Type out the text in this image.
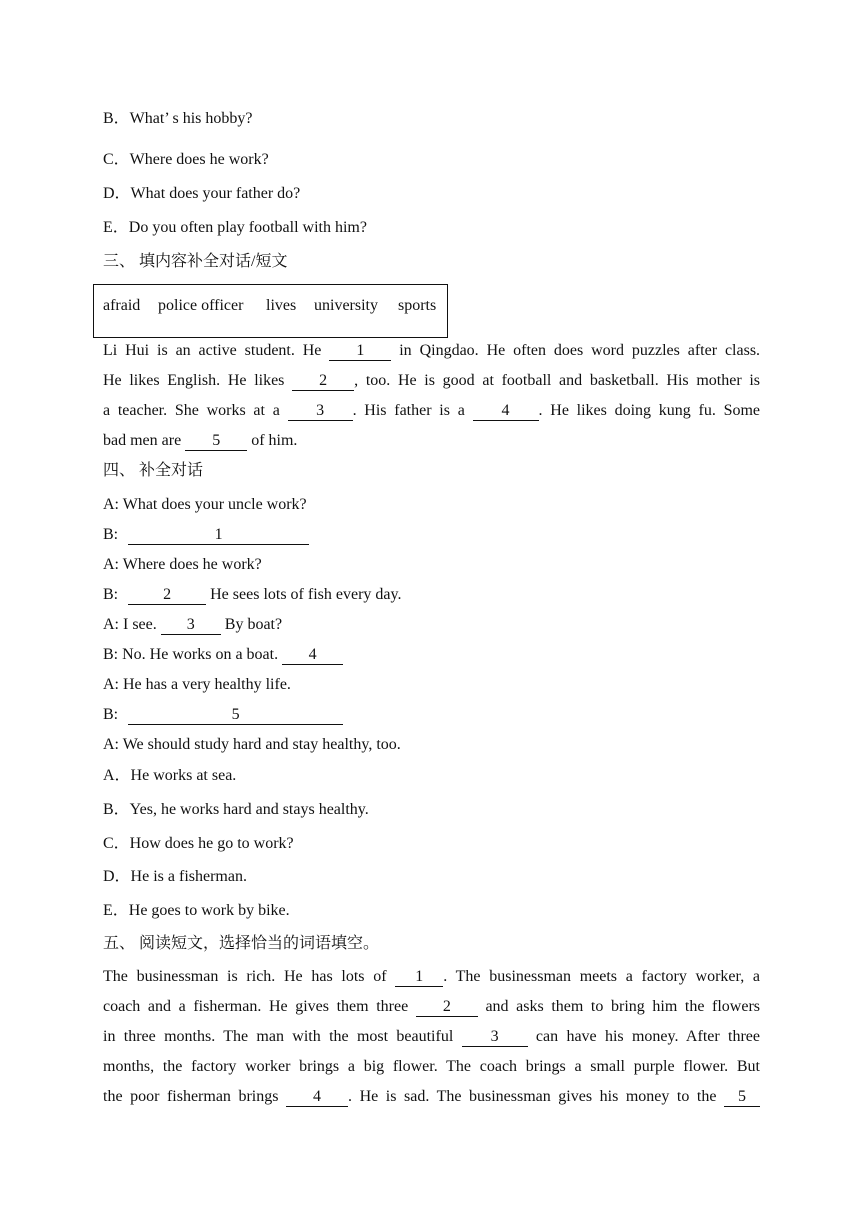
B．What’ s his hobby?
C．Where does he work?
D．What does your father do?
E．Do you often play football with him?
三、 填内容补全对话/短文
afraid police officer lives university sports
Li Hui is an active student. He 1 in Qingdao. He often does word puzzles after class.
He likes English. He likes 2 , too. He is good at football and basketball. His mother is
a teacher. She works at a 3 . His father is a 4 . He likes doing kung fu. Some
bad men are 5 of him.
四、 补全对话
A: What does your uncle work?
B:	1
A: Where does he work?
B:	2 He sees lots of fish every day.
A: I see. 3 By boat?
B: No. He works on a boat. 4
A: He has a very healthy life.
B:	5
A: We should study hard and stay healthy, too.
A．He works at sea.
B．Yes, he works hard and stays healthy.
C．How does he go to work?
D．He is a fisherman.
E．He goes to work by bike.
五、 阅读短文，选择恰当的词语填空。
The businessman is rich. He has lots of 1 . The businessman meets a factory worker, a
coach and a fisherman. He gives them three 2 and asks them to bring him the flowers
in three months. The man with the most beautiful 3 can have his money. After three
months, the factory worker brings a big flower. The coach brings a small purple flower. But
the poor fisherman brings 4 . He is sad. The businessman gives his money to the 5
